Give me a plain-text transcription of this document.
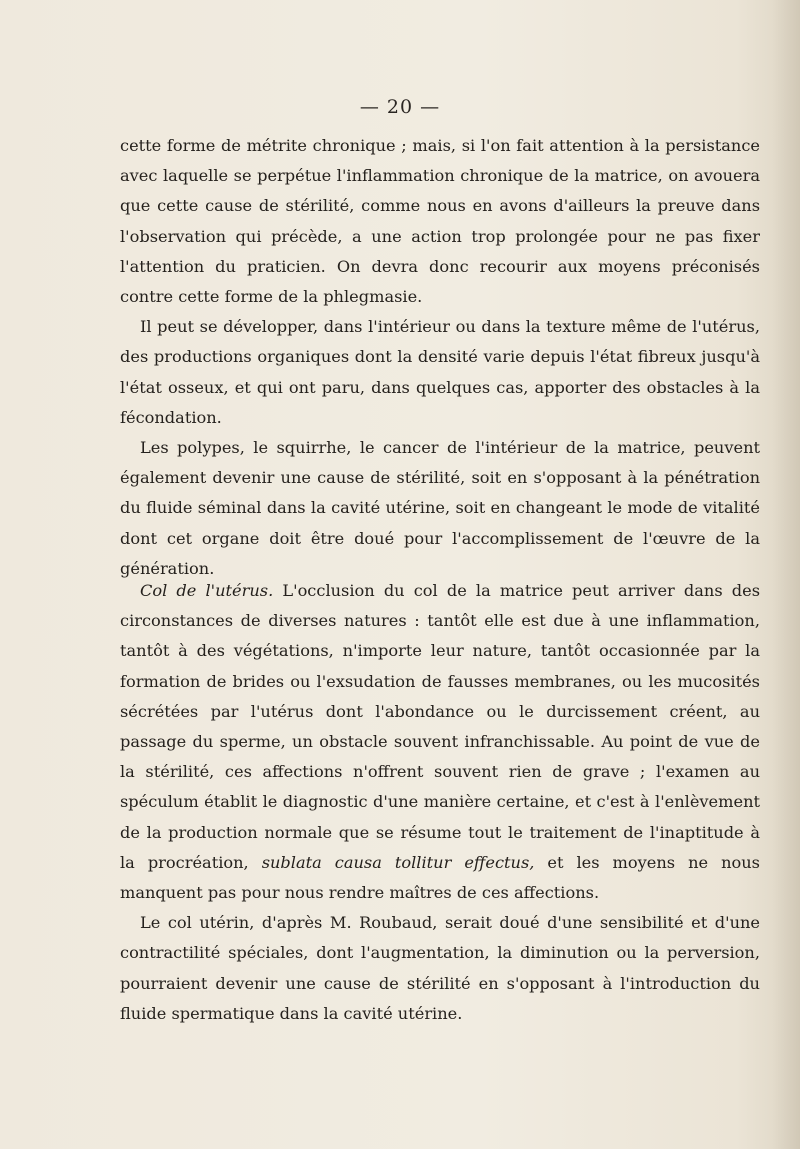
— 20 —

cette forme de métrite chronique ; mais, si l'on fait attention à la persistance avec laquelle se perpétue l'inflammation chronique de la matrice, on avouera que cette cause de stérilité, comme nous en avons d'ailleurs la preuve dans l'observation qui précède, a une action trop prolongée pour ne pas fixer l'attention du praticien. On devra donc recourir aux moyens préconisés contre cette forme de la phlegmasie.

Il peut se développer, dans l'intérieur ou dans la texture même de l'utérus, des productions organiques dont la densité varie depuis l'état fibreux jusqu'à l'état osseux, et qui ont paru, dans quelques cas, apporter des obstacles à la fécondation.

Les polypes, le squirrhe, le cancer de l'intérieur de la matrice, peuvent également devenir une cause de stérilité, soit en s'opposant à la pénétration du fluide séminal dans la cavité utérine, soit en changeant le mode de vitalité dont cet organe doit être doué pour l'accomplissement de l'œuvre de la génération.

Col de l'utérus. L'occlusion du col de la matrice peut arriver dans des circonstances de diverses natures : tantôt elle est due à une inflammation, tantôt à des végétations, n'importe leur nature, tantôt occasionnée par la formation de brides ou l'exsudation de fausses membranes, ou les mucosités sécrétées par l'utérus dont l'abondance ou le durcissement créent, au passage du sperme, un obstacle souvent infranchissable. Au point de vue de la stérilité, ces affections n'offrent souvent rien de grave ; l'examen au spéculum établit le diagnostic d'une manière certaine, et c'est à l'enlèvement de la production normale que se résume tout le traitement de l'inaptitude à la procréation, sublata causa tollitur effectus, et les moyens ne nous manquent pas pour nous rendre maîtres de ces affections.

Le col utérin, d'après M. Roubaud, serait doué d'une sensibilité et d'une contractilité spéciales, dont l'augmentation, la diminution ou la perversion, pourraient devenir une cause de stérilité en s'opposant à l'introduction du fluide spermatique dans la cavité utérine.
